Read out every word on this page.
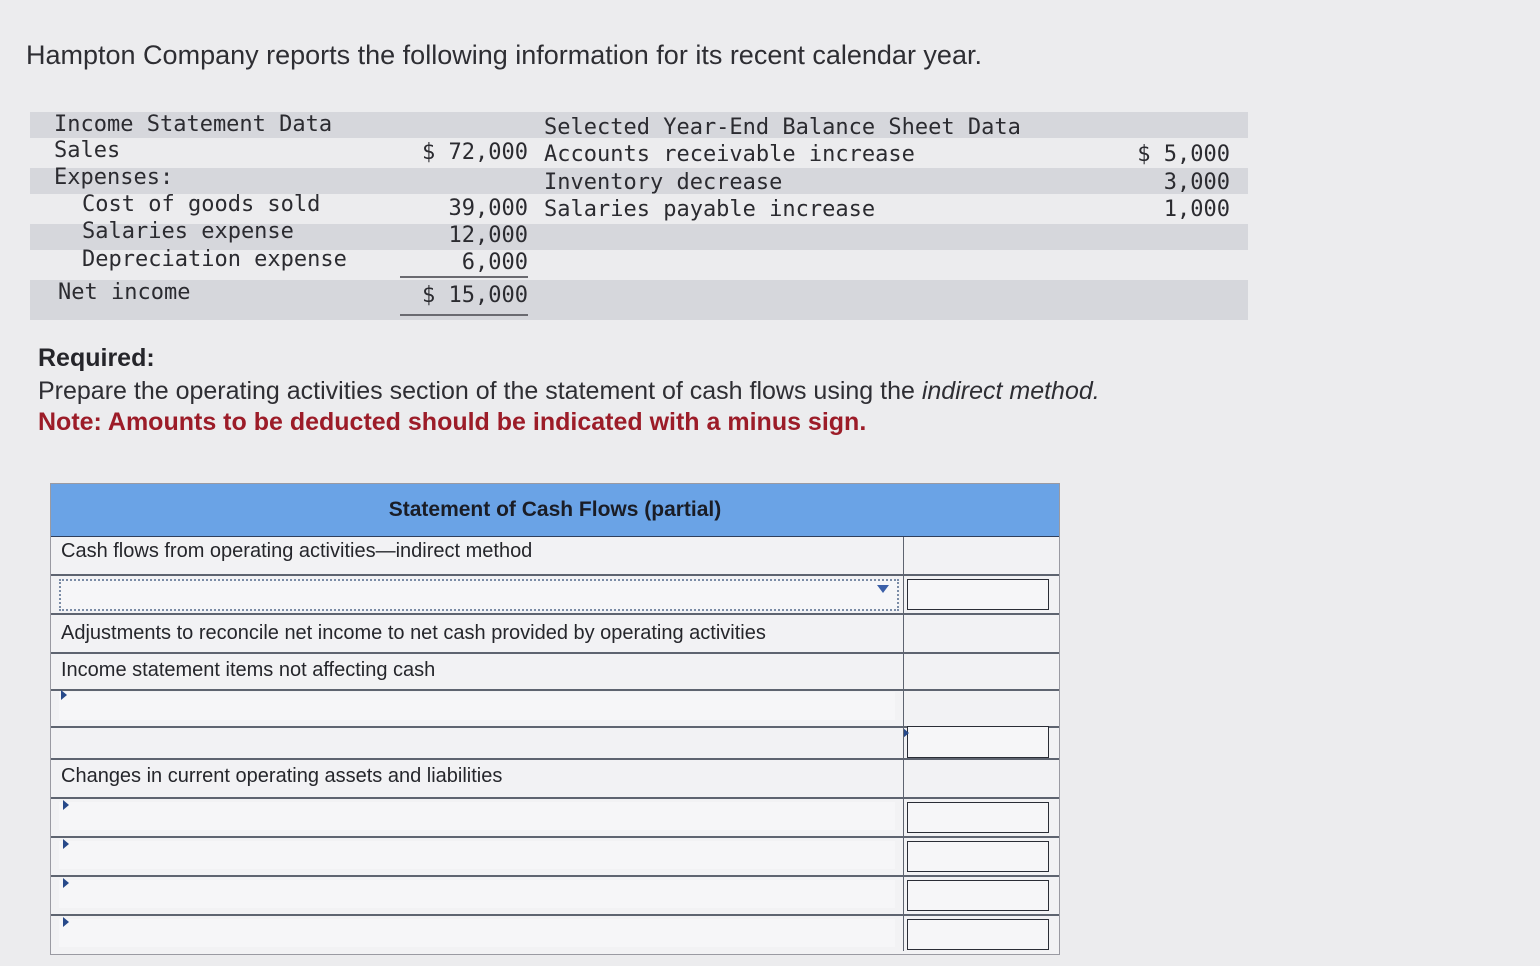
Hampton Company reports the following information for its recent calendar year.
Income Statement Data
Sales	$ 72,000
Expenses:
Cost of goods sold	39,000
Salaries expense	12,000
Depreciation expense	6,000
Net income	$ 15,000
Selected Year-End Balance Sheet Data
Accounts receivable increase	$ 5,000
Inventory decrease	3,000
Salaries payable increase	1,000
Required:
Prepare the operating activities section of the statement of cash flows using the indirect method.
Note: Amounts to be deducted should be indicated with a minus sign.
Statement of Cash Flows (partial)
Cash flows from operating activities—indirect method
Adjustments to reconcile net income to net cash provided by operating activities
Income statement items not affecting cash
Changes in current operating assets and liabilities
